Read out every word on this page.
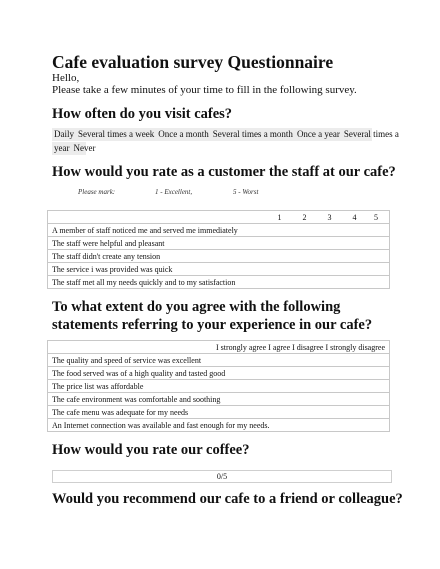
Cafe evaluation survey Questionnaire
Hello,
Please take a few minutes of your time to fill in the following survey.
How often do you visit cafes?
Daily Several times a week Once a month Several times a month Once a year Several times a
year Never
How would you rate as a customer the staff at our cafe?
Please mark:	1 - Excellent,	5 - Worst
1	2	3	4 5
A member of staff noticed me and served me immediately
The staff were helpful and pleasant
The staff didn't create any tension
The service i was provided was quick
The staff met all my needs quickly and to my satisfaction
To what extent do you agree with the following
statements referring to your experience in our cafe?
I strongly agree I agree I disagree I strongly disagree
The quality and speed of service was excellent
The food served was of a high quality and tasted good
The price list was affordable
The cafe environment was comfortable and soothing
The cafe menu was adequate for my needs
An Internet connection was available and fast enough for my needs.
How would you rate our coffee?
0/5
Would you recommend our cafe to a friend or colleague?
